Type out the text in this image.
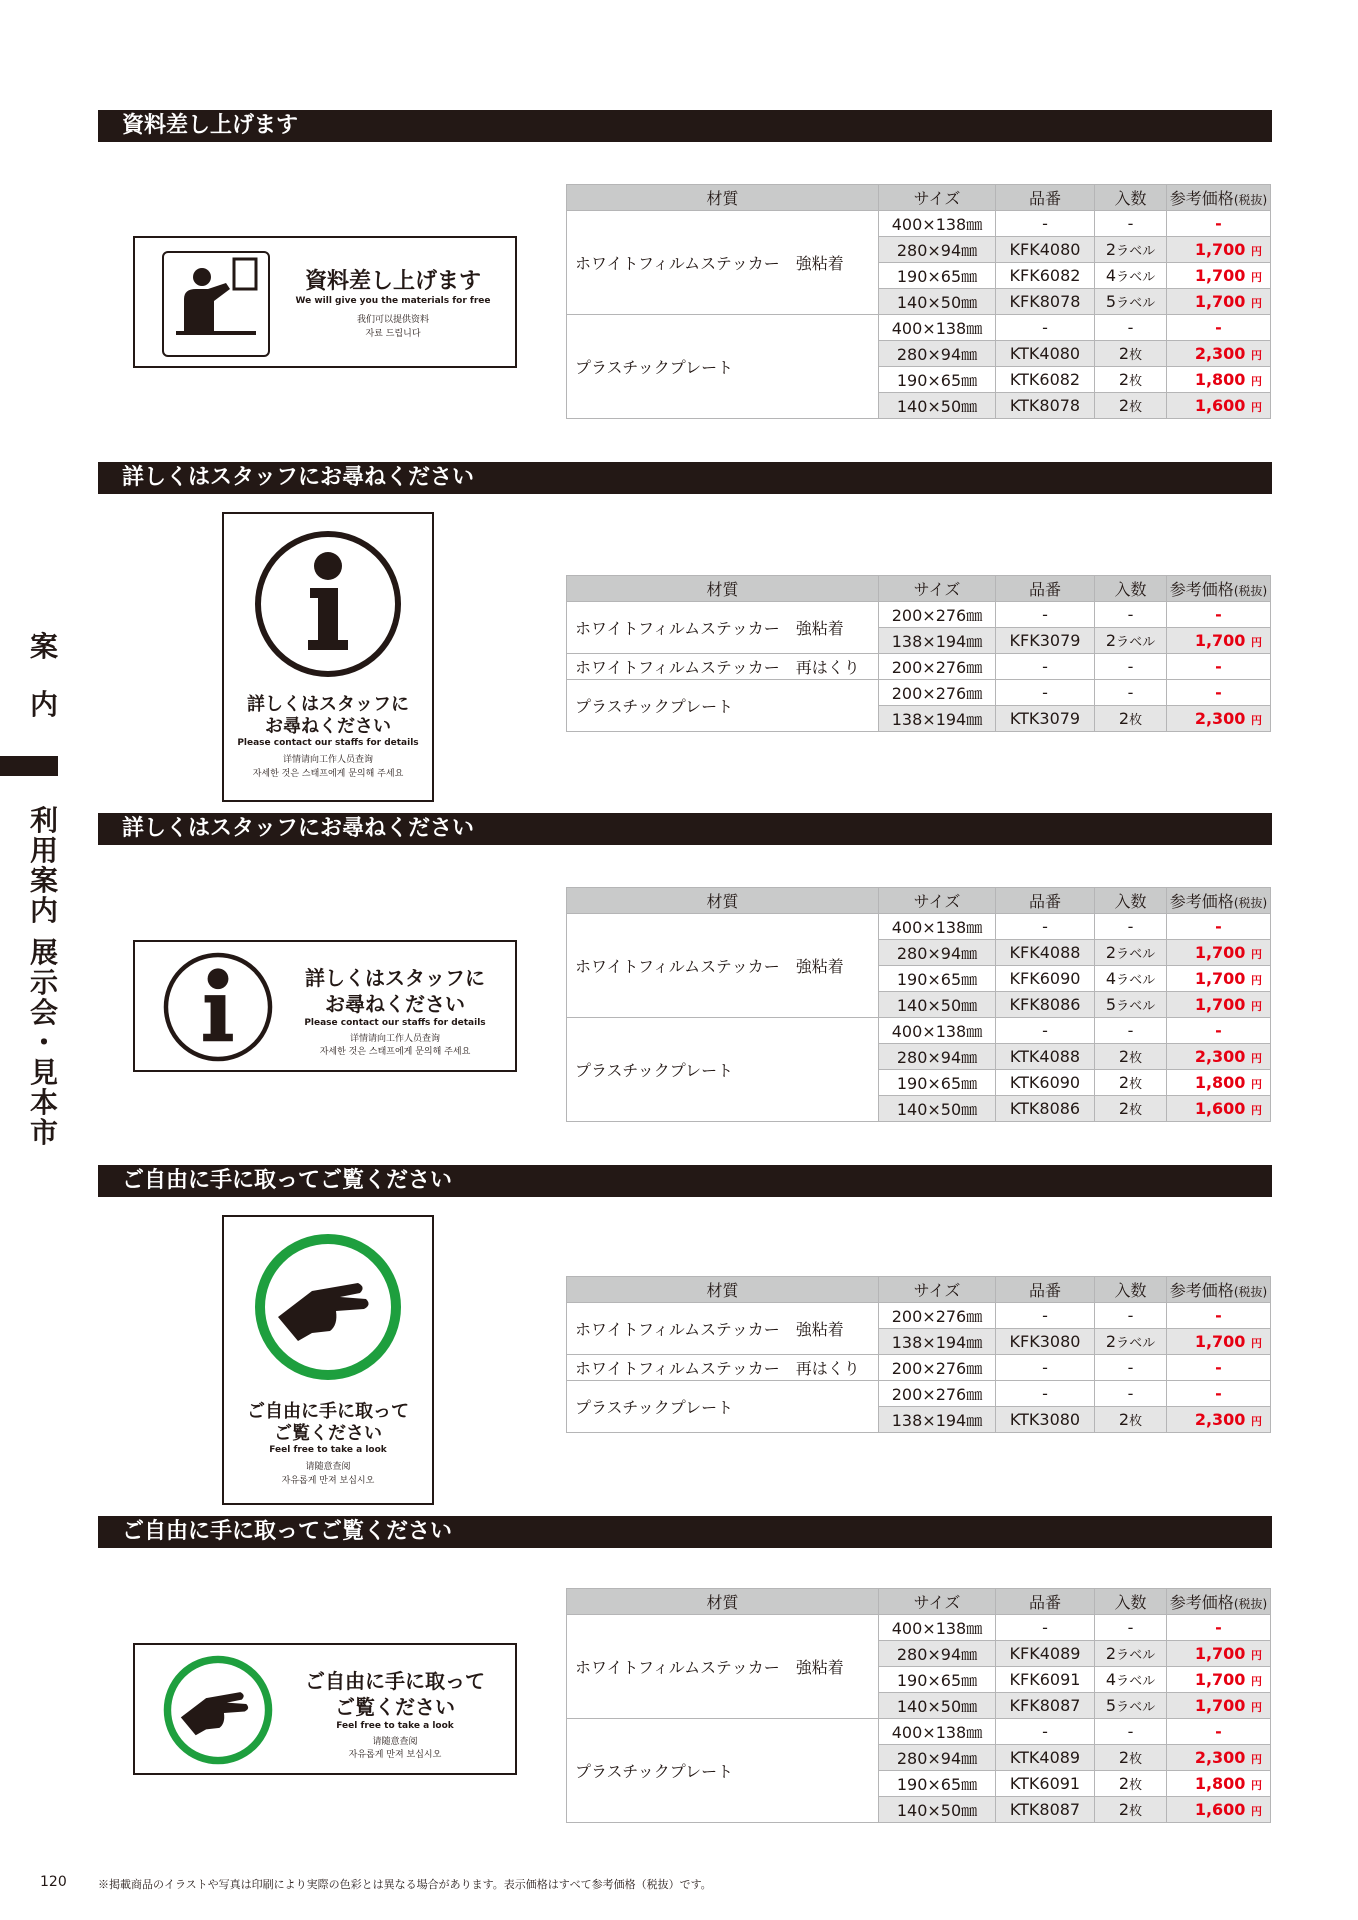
案
内
利
用
案
内
展
示
会
・
見
本
市
資料差し上げます
詳しくはスタッフにお尋ねください
詳しくはスタッフにお尋ねください
ご自由に手に取ってご覧ください
ご自由に手に取ってご覧ください
資料差し上げます
We will give you the materials for free
我们可以提供资料
자료 드립니다
詳しくはスタッフに
お尋ねください
Please contact our staffs for details
详情请向工作人员查询
자세한 것은 스태프에게 문의해 주세요
詳しくはスタッフに
お尋ねください
Please contact our staffs for details
详情请向工作人员查询
자세한 것은 스태프에게 문의해 주세요
ご自由に手に取って
ご覧ください
Feel free to take a look
请随意查阅
자유롭게 만져 보십시오
ご自由に手に取って
ご覧ください
Feel free to take a look
请随意查阅
자유롭게 만져 보십시오
材質	サイズ	品番	入数	参考価格(税抜)
ホワイトフィルムステッカー　強粘着	400×138㎜	-	-	-
	280×94㎜	KFK4080	2ラベル	1,700 円
	190×65㎜	KFK6082	4ラベル	1,700 円
	140×50㎜	KFK8078	5ラベル	1,700 円
プラスチックプレート	400×138㎜	-	-	-
	280×94㎜	KTK4080	2枚	2,300 円
	190×65㎜	KTK6082	2枚	1,800 円
	140×50㎜	KTK8078	2枚	1,600 円
材質	サイズ	品番	入数	参考価格(税抜)
ホワイトフィルムステッカー　強粘着	200×276㎜	-	-	-
	138×194㎜	KFK3079	2ラベル	1,700 円
ホワイトフィルムステッカー　再はくり	200×276㎜	-	-	-
プラスチックプレート	200×276㎜	-	-	-
	138×194㎜	KTK3079	2枚	2,300 円
材質	サイズ	品番	入数	参考価格(税抜)
ホワイトフィルムステッカー　強粘着	400×138㎜	-	-	-
	280×94㎜	KFK4088	2ラベル	1,700 円
	190×65㎜	KFK6090	4ラベル	1,700 円
	140×50㎜	KFK8086	5ラベル	1,700 円
プラスチックプレート	400×138㎜	-	-	-
	280×94㎜	KTK4088	2枚	2,300 円
	190×65㎜	KTK6090	2枚	1,800 円
	140×50㎜	KTK8086	2枚	1,600 円
材質	サイズ	品番	入数	参考価格(税抜)
ホワイトフィルムステッカー　強粘着	200×276㎜	-	-	-
	138×194㎜	KFK3080	2ラベル	1,700 円
ホワイトフィルムステッカー　再はくり	200×276㎜	-	-	-
プラスチックプレート	200×276㎜	-	-	-
	138×194㎜	KTK3080	2枚	2,300 円
材質	サイズ	品番	入数	参考価格(税抜)
ホワイトフィルムステッカー　強粘着	400×138㎜	-	-	-
	280×94㎜	KFK4089	2ラベル	1,700 円
	190×65㎜	KFK6091	4ラベル	1,700 円
	140×50㎜	KFK8087	5ラベル	1,700 円
プラスチックプレート	400×138㎜	-	-	-
	280×94㎜	KTK4089	2枚	2,300 円
	190×65㎜	KTK6091	2枚	1,800 円
	140×50㎜	KTK8087	2枚	1,600 円
120	※掲載商品のイラストや写真は印刷により実際の色彩とは異なる場合があります。表示価格はすべて参考価格（税抜）です。
